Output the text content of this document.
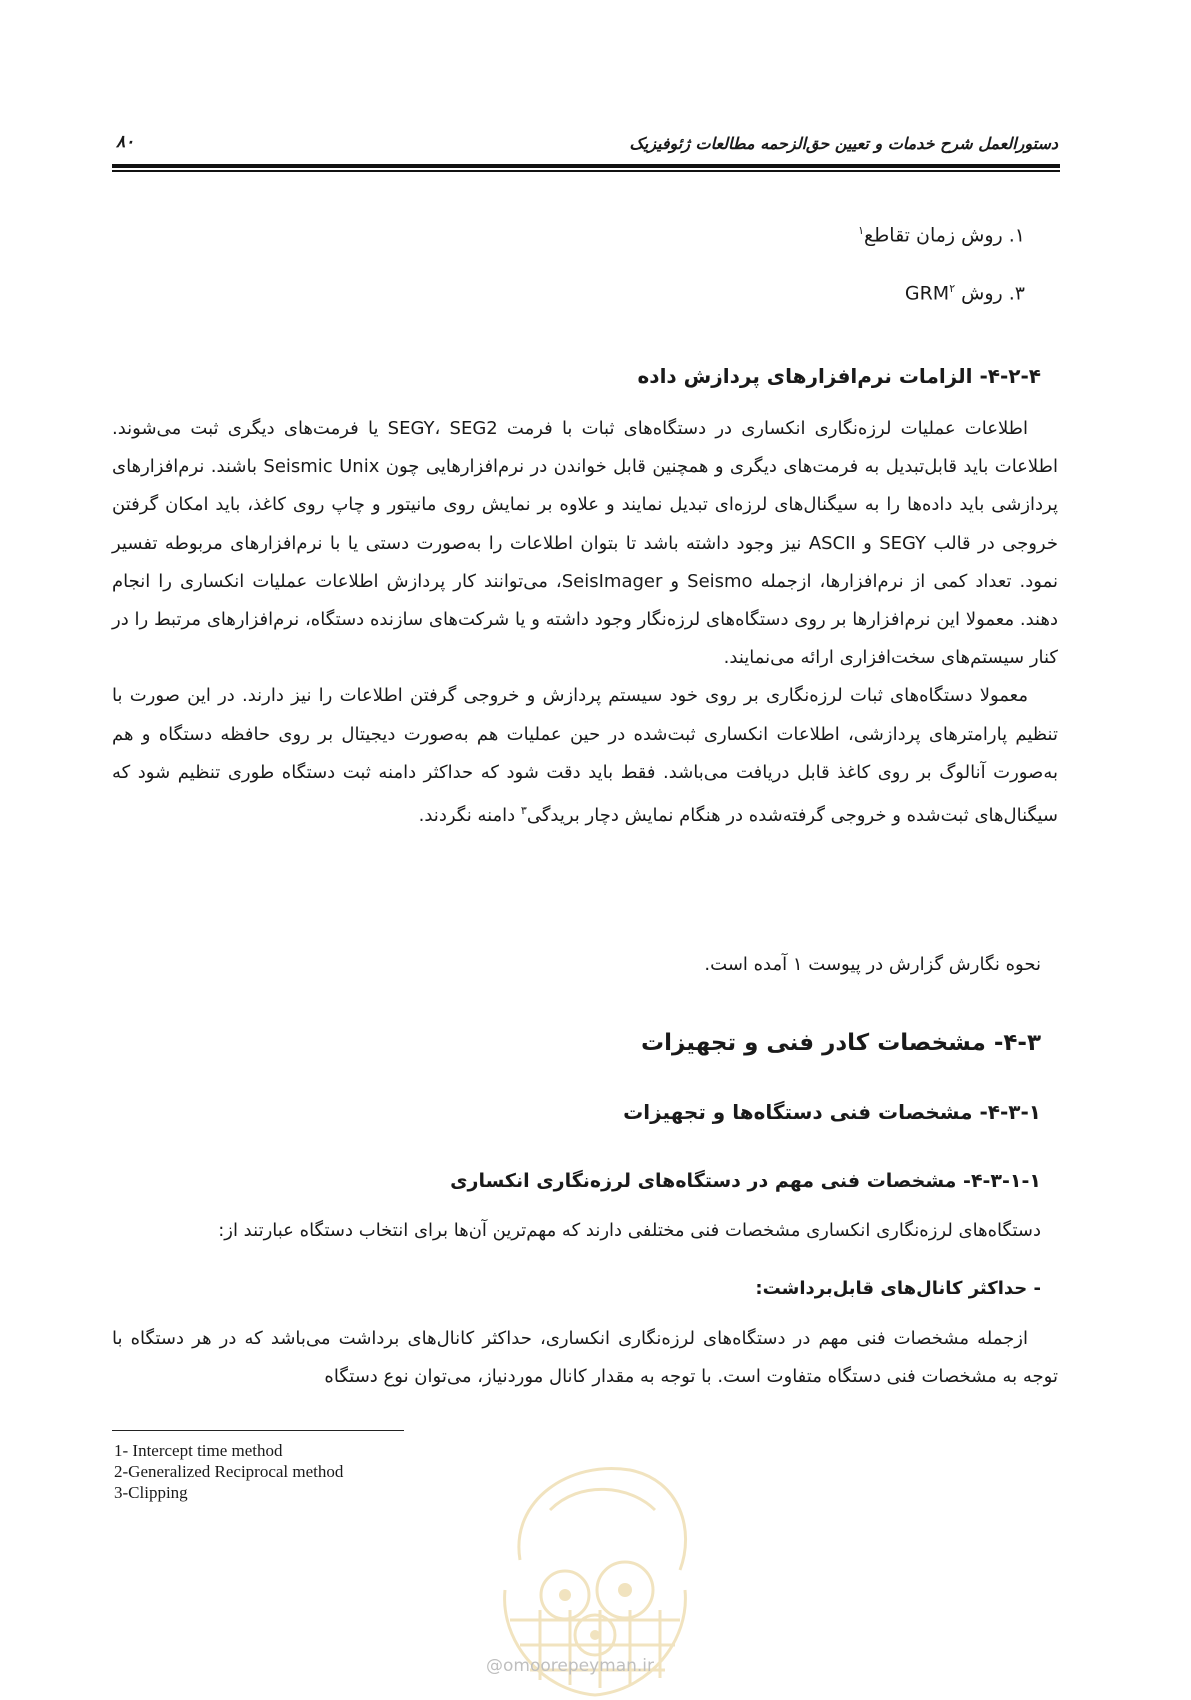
دستورالعمل شرح خدمات و تعیین حق‌الزحمه مطالعات ژئوفیزیک
۸۰
۱. روش زمان تقاطع$^۱$
۳. روش GRM$^۲$
۴-۲-۴- الزامات نرم‌افزارهای پردازش داده

اطلاعات عملیات لرزه‌نگاری انکساری در دستگاه‌های ثبات با فرمت SEGY، SEG2 یا فرمت‌های دیگری ثبت می‌شوند. اطلاعات باید قابل‌تبدیل به فرمت‌های دیگری و همچنین قابل خواندن در نرم‌افزارهایی چون Seismic Unix باشند. نرم‌افزارهای پردازشی باید داده‌ها را به سیگنال‌های لرزه‌ای تبدیل نمایند و علاوه بر نمایش روی مانیتور و چاپ روی کاغذ، باید امکان گرفتن خروجی در قالب SEGY و ASCII نیز وجود داشته باشد تا بتوان اطلاعات را به‌صورت دستی یا با نرم‌افزارهای مربوطه تفسیر نمود. تعداد کمی از نرم‌افزارها، ازجمله Seismo و SeisImager، می‌توانند کار پردازش اطلاعات عملیات انکساری را انجام دهند. معمولا این نرم‌افزارها بر روی دستگاه‌های لرزه‌نگار وجود داشته و یا شرکت‌های سازنده دستگاه، نرم‌افزارهای مرتبط را در کنار سیستم‌های سخت‌افزاری ارائه می‌نمایند.

معمولا دستگاه‌های ثبات لرزه‌نگاری بر روی خود سیستم پردازش و خروجی گرفتن اطلاعات را نیز دارند. در این صورت با تنظیم پارامترهای پردازشی، اطلاعات انکساری ثبت‌شده در حین عملیات هم به‌صورت دیجیتال بر روی حافظه دستگاه و هم به‌صورت آنالوگ بر روی کاغذ قابل دریافت می‌باشد. فقط باید دقت شود که حداکثر دامنه ثبت دستگاه طوری تنظیم شود که سیگنال‌های ثبت‌شده و خروجی گرفته‌شده در هنگام نمایش دچار بریدگی$^۳$ دامنه نگردند.

نحوه نگارش گزارش در پیوست ۱ آمده است.
۴-۳- مشخصات کادر فنی و تجهیزات
۴-۳-۱- مشخصات فنی دستگاه‌ها و تجهیزات
۴-۳-۱-۱- مشخصات فنی مهم در دستگاه‌های لرزه‌نگاری انکساری
دستگاه‌های لرزه‌نگاری انکساری مشخصات فنی مختلفی دارند که مهم‌ترین آن‌ها برای انتخاب دستگاه عبارتند از:
- حداکثر کانال‌های قابل‌برداشت:

ازجمله مشخصات فنی مهم در دستگاه‌های لرزه‌نگاری انکساری، حداکثر کانال‌های برداشت می‌باشد که در هر دستگاه با توجه به مشخصات فنی دستگاه متفاوت است. با توجه به مقدار کانال موردنیاز، می‌توان نوع دستگاه

1- Intercept time method
2-Generalized Reciprocal method
3-Clipping
@omoorepeyman.ir
